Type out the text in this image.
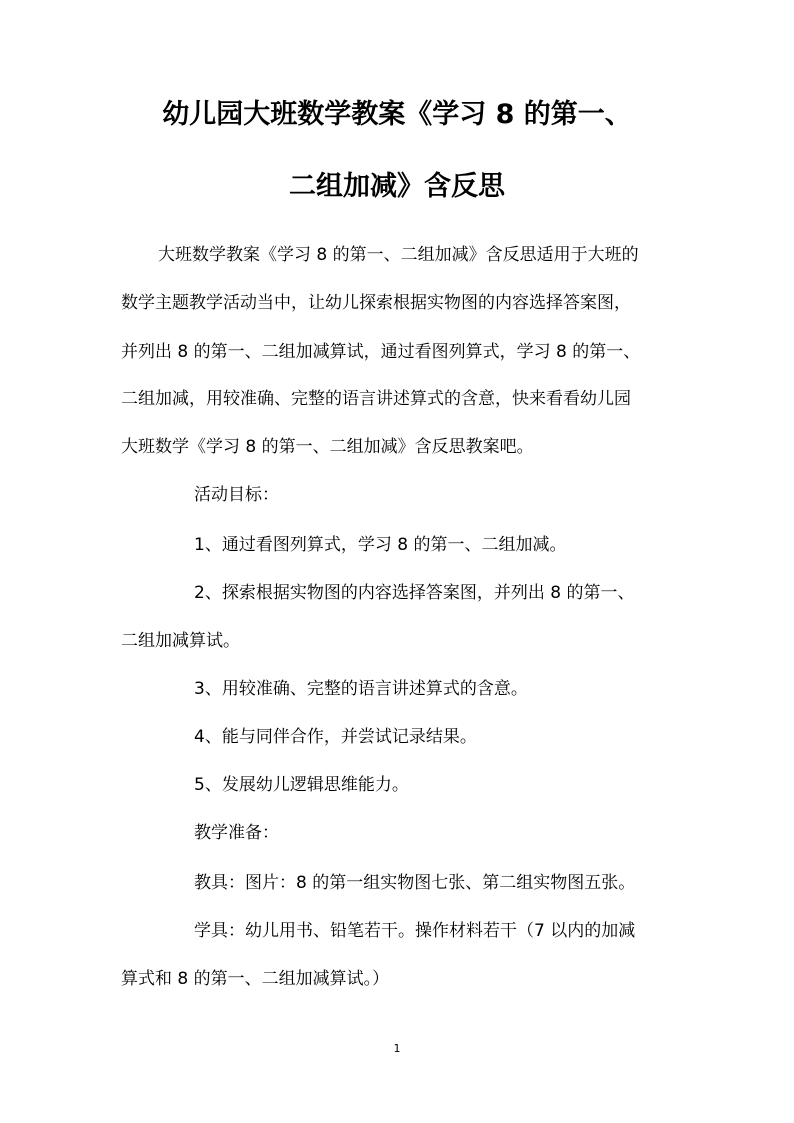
幼儿园大班数学教案《学习 8 的第一、
二组加减》含反思
大班数学教案《学习 8 的第一、二组加减》含反思适用于大班的
数学主题教学活动当中，让幼儿探索根据实物图的内容选择答案图，
并列出 8 的第一、二组加减算试，通过看图列算式，学习 8 的第一、
二组加减，用较准确、完整的语言讲述算式的含意，快来看看幼儿园
大班数学《学习 8 的第一、二组加减》含反思教案吧。
活动目标：
1、通过看图列算式，学习 8 的第一、二组加减。
2、探索根据实物图的内容选择答案图，并列出 8 的第一、
二组加减算试。
3、用较准确、完整的语言讲述算式的含意。
4、能与同伴合作，并尝试记录结果。
5、发展幼儿逻辑思维能力。
教学准备：
教具：图片：8 的第一组实物图七张、第二组实物图五张。
学具：幼儿用书、铅笔若干。操作材料若干（7 以内的加减
算式和 8 的第一、二组加减算试。）
1
